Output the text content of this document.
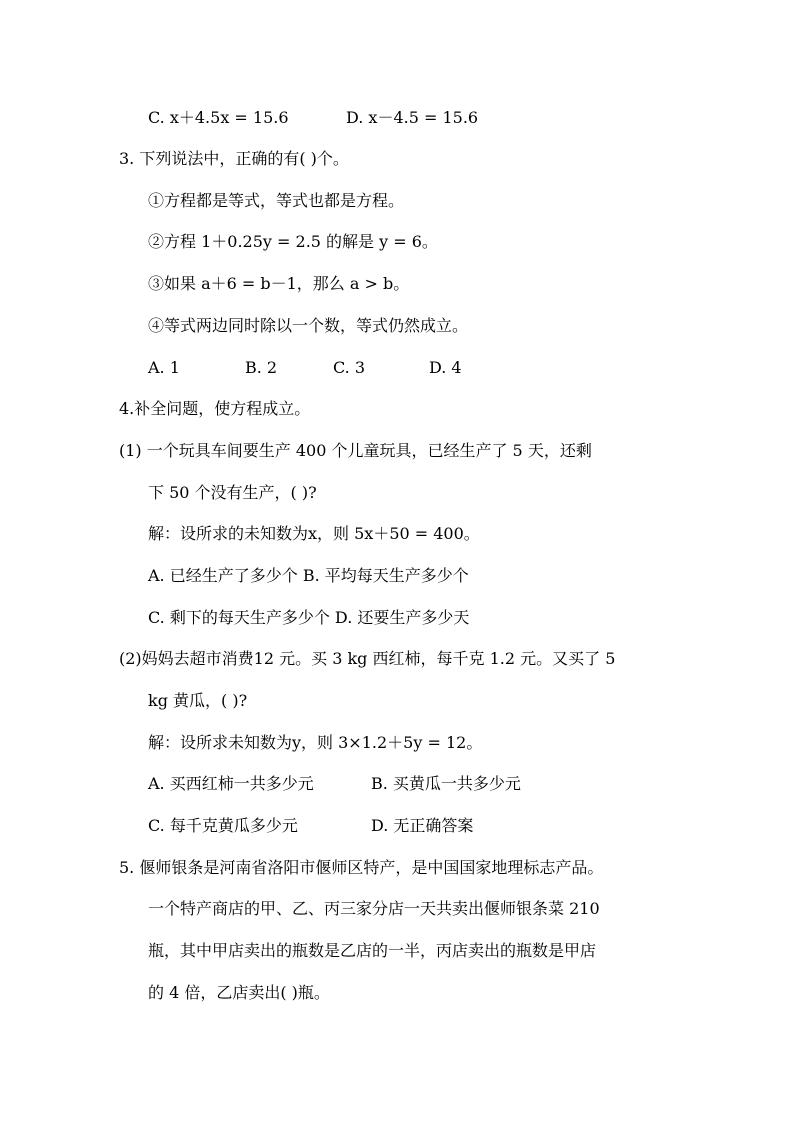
C. x＋4.5x = 15.6	D. x－4.5 = 15.6
3. 下列说法中，正确的有( )个。
①方程都是等式，等式也都是方程。
②方程 1＋0.25y = 2.5 的解是 y = 6。
③如果 a＋6 = b－1，那么 a > b。
④等式两边同时除以一个数，等式仍然成立。
A. 1	B. 2	C. 3	D. 4
4.补全问题，使方程成立。
(1) 一个玩具车间要生产 400 个儿童玩具，已经生产了 5 天，还剩
下 50 个没有生产，( )?
解：设所求的未知数为x，则 5x＋50 = 400。
A. 已经生产了多少个 B. 平均每天生产多少个
C. 剩下的每天生产多少个 D. 还要生产多少天
(2)妈妈去超市消费12 元。买 3 kg 西红柿，每千克 1.2 元。又买了 5
kg 黄瓜，( )?
解：设所求未知数为y，则 3×1.2＋5y = 12。
A. 买西红柿一共多少元	B. 买黄瓜一共多少元
C. 每千克黄瓜多少元	D. 无正确答案
5. 偃师银条是河南省洛阳市偃师区特产，是中国国家地理标志产品。
一个特产商店的甲、乙、丙三家分店一天共卖出偃师银条菜 210
瓶，其中甲店卖出的瓶数是乙店的一半，丙店卖出的瓶数是甲店
的 4 倍，乙店卖出( )瓶。
